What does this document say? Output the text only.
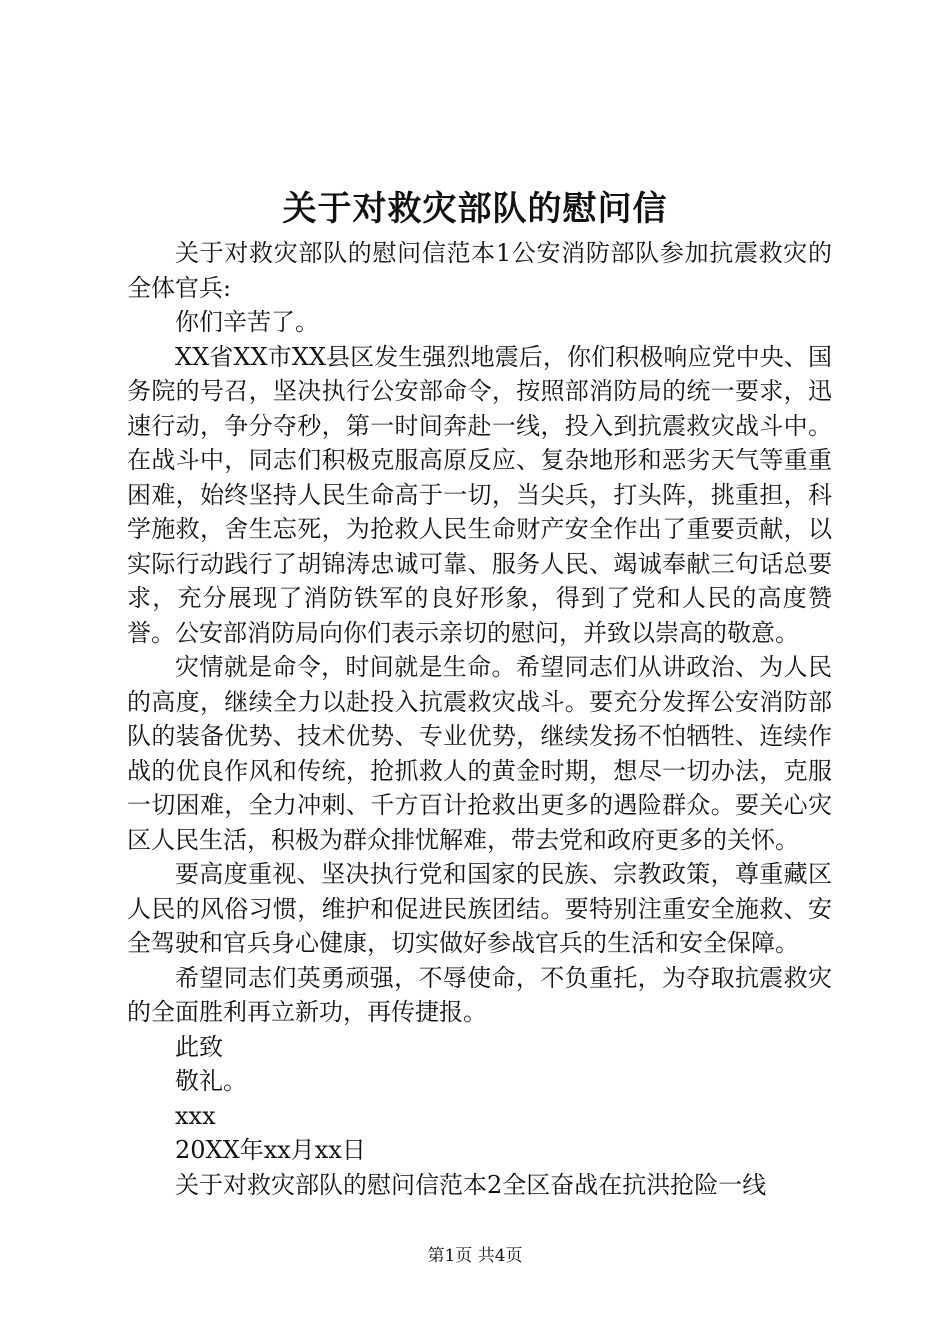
关于对救灾部队的慰问信

关于对救灾部队的慰问信范本1公安消防部队参加抗震救灾的全体官兵:

你们辛苦了。

XX省XX市XX县区发生强烈地震后，你们积极响应党中央、国务院的号召，坚决执行公安部命令，按照部消防局的统一要求，迅速行动，争分夺秒，第一时间奔赴一线，投入到抗震救灾战斗中。在战斗中，同志们积极克服高原反应、复杂地形和恶劣天气等重重困难，始终坚持人民生命高于一切，当尖兵，打头阵，挑重担，科学施救，舍生忘死，为抢救人民生命财产安全作出了重要贡献，以实际行动践行了胡锦涛忠诚可靠、服务人民、竭诚奉献三句话总要求，充分展现了消防铁军的良好形象，得到了党和人民的高度赞誉。公安部消防局向你们表示亲切的慰问，并致以崇高的敬意。

灾情就是命令，时间就是生命。希望同志们从讲政治、为人民的高度，继续全力以赴投入抗震救灾战斗。要充分发挥公安消防部队的装备优势、技术优势、专业优势，继续发扬不怕牺牲、连续作战的优良作风和传统，抢抓救人的黄金时期，想尽一切办法，克服一切困难，全力冲刺、千方百计抢救出更多的遇险群众。要关心灾区人民生活，积极为群众排忧解难，带去党和政府更多的关怀。

要高度重视、坚决执行党和国家的民族、宗教政策，尊重藏区人民的风俗习惯，维护和促进民族团结。要特别注重安全施救、安全驾驶和官兵身心健康，切实做好参战官兵的生活和安全保障。

希望同志们英勇顽强，不辱使命，不负重托，为夺取抗震救灾的全面胜利再立新功，再传捷报。

此致

敬礼。

xxx

20XX年xx月xx日

关于对救灾部队的慰问信范本2全区奋战在抗洪抢险一线

第1页 共4页
